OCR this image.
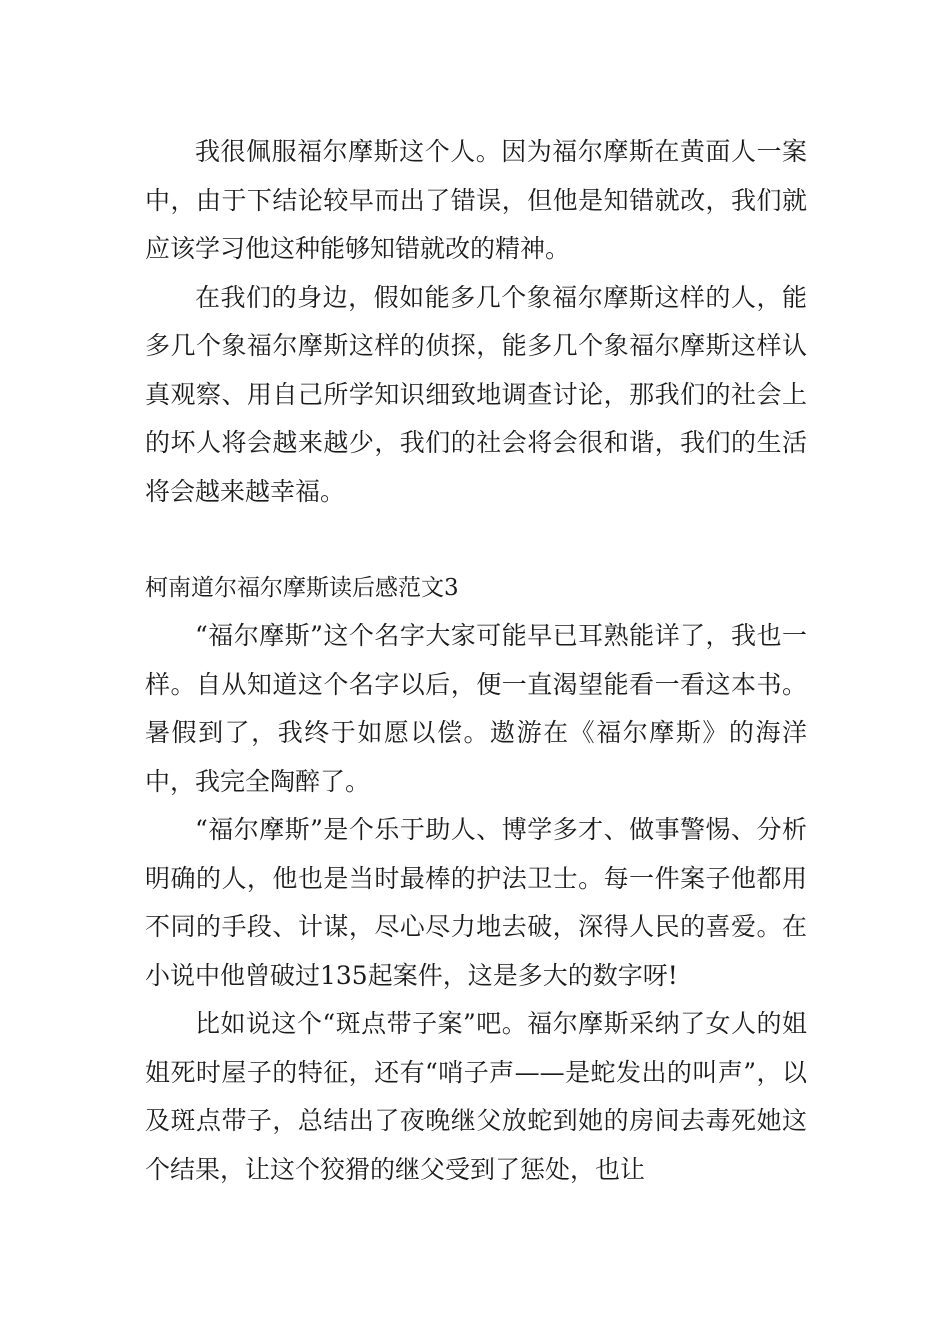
我很佩服福尔摩斯这个人。因为福尔摩斯在黄面人一案中，由于下结论较早而出了错误，但他是知错就改，我们就应该学习他这种能够知错就改的精神。

在我们的身边，假如能多几个象福尔摩斯这样的人，能多几个象福尔摩斯这样的侦探，能多几个象福尔摩斯这样认真观察、用自己所学知识细致地调查讨论，那我们的社会上的坏人将会越来越少，我们的社会将会很和谐，我们的生活将会越来越幸福。

柯南道尔福尔摩斯读后感范文3

“福尔摩斯”这个名字大家可能早已耳熟能详了，我也一样。自从知道这个名字以后，便一直渴望能看一看这本书。暑假到了，我终于如愿以偿。遨游在《福尔摩斯》的海洋中，我完全陶醉了。

“福尔摩斯”是个乐于助人、博学多才、做事警惕、分析明确的人，他也是当时最棒的护法卫士。每一件案子他都用不同的手段、计谋，尽心尽力地去破，深得人民的喜爱。在小说中他曾破过135起案件，这是多大的数字呀!

比如说这个“斑点带子案”吧。福尔摩斯采纳了女人的姐姐死时屋子的特征，还有“哨子声——是蛇发出的叫声”，以及斑点带子，总结出了夜晚继父放蛇到她的房间去毒死她这个结果，让这个狡猾的继父受到了惩处，也让
